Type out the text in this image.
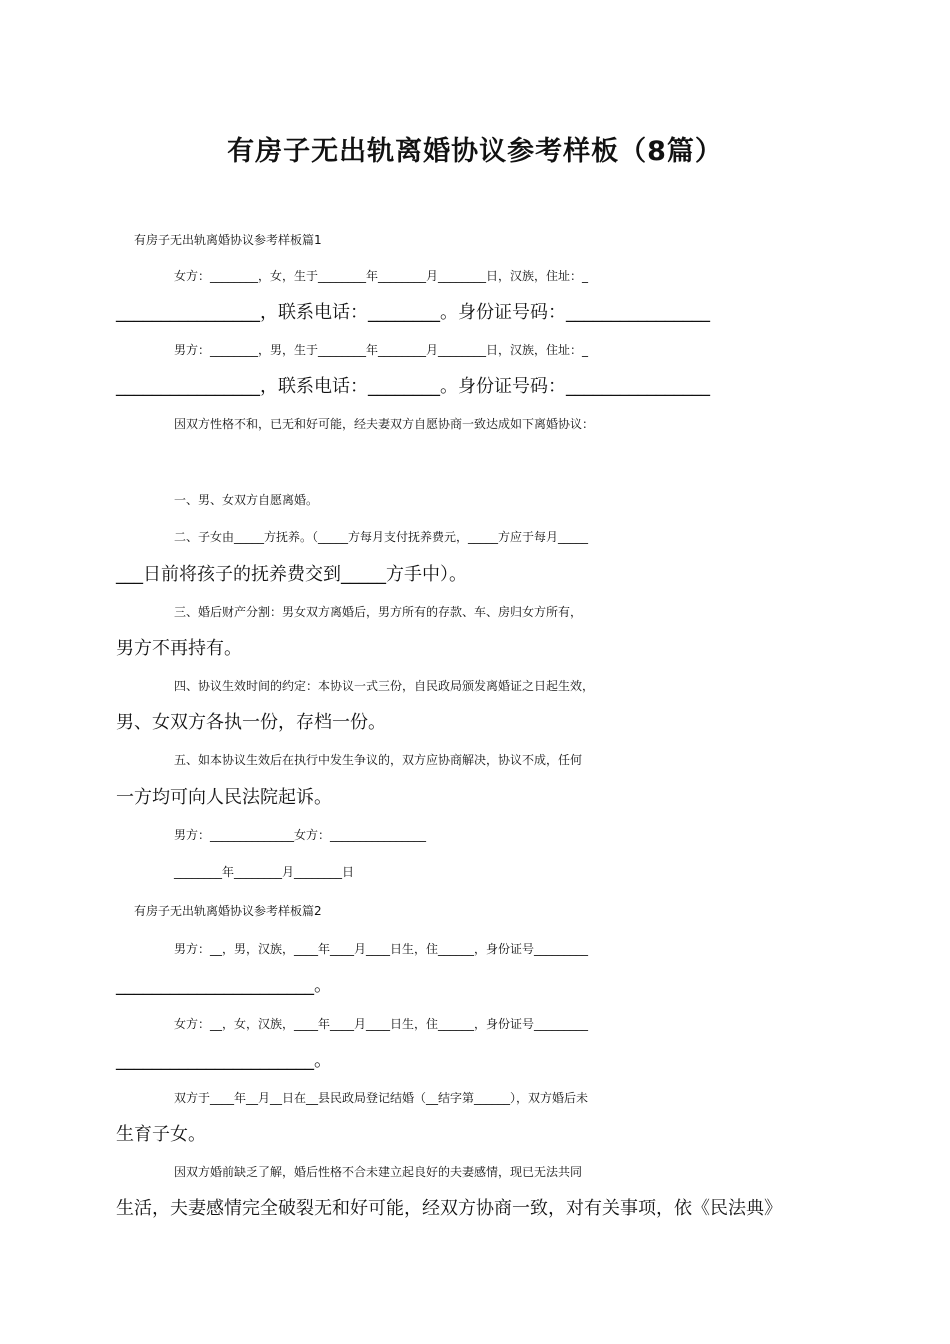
有房子无出轨离婚协议参考样板（8篇）
有房子无出轨离婚协议参考样板篇1
女方：________，女，生于________年________月________日，汉族，住址：_
________________，联系电话：________。身份证号码：________________
男方：________，男，生于________年________月________日，汉族，住址：_
________________，联系电话：________。身份证号码：________________
因双方性格不和，已无和好可能，经夫妻双方自愿协商一致达成如下离婚协议：
一、男、女双方自愿离婚。
二、子女由_____方抚养。（_____方每月支付抚养费元，_____方应于每月_____
___日前将孩子的抚养费交到_____方手中）。
三、婚后财产分割：男女双方离婚后，男方所有的存款、车、房归女方所有，
男方不再持有。
四、协议生效时间的约定：本协议一式三份，自民政局颁发离婚证之日起生效，
男、女双方各执一份，存档一份。
五、如本协议生效后在执行中发生争议的，双方应协商解决，协议不成，任何
一方均可向人民法院起诉。
男方：______________女方：________________
________年________月________日
有房子无出轨离婚协议参考样板篇2
男方：__，男，汉族，____年____月____日生，住______，身份证号_________
______________________。
女方：__，女，汉族，____年____月____日生，住______，身份证号_________
______________________。
双方于____年__月__日在__县民政局登记结婚（__结字第______），双方婚后未
生育子女。
因双方婚前缺乏了解，婚后性格不合未建立起良好的夫妻感情，现已无法共同
生活，夫妻感情完全破裂无和好可能，经双方协商一致，对有关事项，依《民法典》
